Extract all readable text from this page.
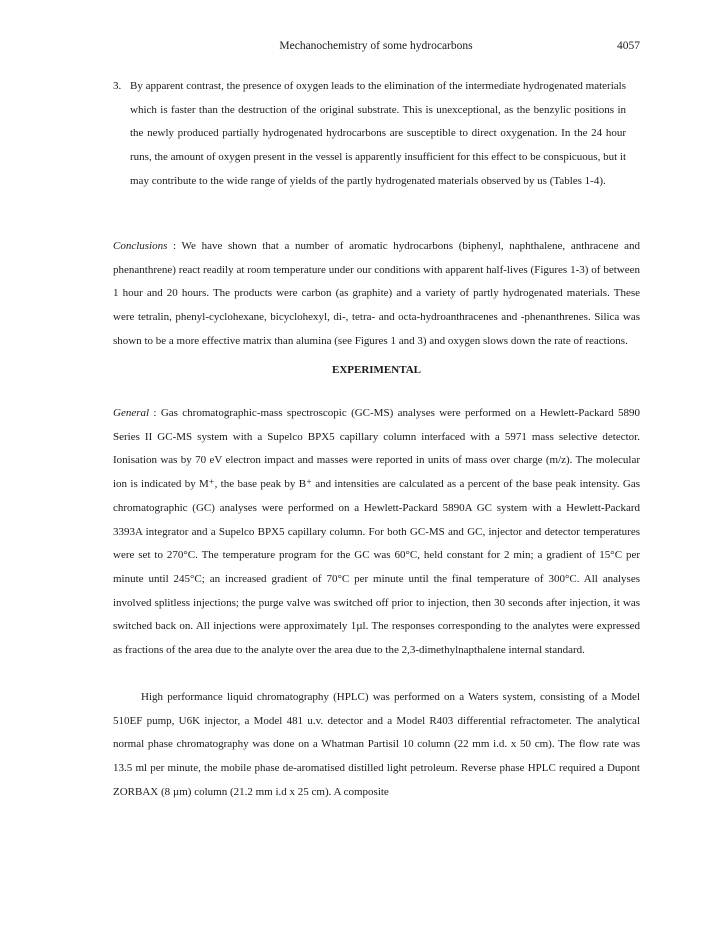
Mechanochemistry of some hydrocarbons	4057
3. By apparent contrast, the presence of oxygen leads to the elimination of the intermediate hydrogenated materials which is faster than the destruction of the original substrate. This is unexceptional, as the benzylic positions in the newly produced partially hydrogenated hydrocarbons are susceptible to direct oxygenation. In the 24 hour runs, the amount of oxygen present in the vessel is apparently insufficient for this effect to be conspicuous, but it may contribute to the wide range of yields of the partly hydrogenated materials observed by us (Tables 1-4).
Conclusions : We have shown that a number of aromatic hydrocarbons (biphenyl, naphthalene, anthracene and phenanthrene) react readily at room temperature under our conditions with apparent half-lives (Figures 1-3) of between 1 hour and 20 hours. The products were carbon (as graphite) and a variety of partly hydrogenated materials. These were tetralin, phenyl-cyclohexane, bicyclohexyl, di-, tetra- and octa-hydroanthracenes and -phenanthrenes. Silica was shown to be a more effective matrix than alumina (see Figures 1 and 3) and oxygen slows down the rate of reactions.
EXPERIMENTAL
General : Gas chromatographic-mass spectroscopic (GC-MS) analyses were performed on a Hewlett-Packard 5890 Series II GC-MS system with a Supelco BPX5 capillary column interfaced with a 5971 mass selective detector. Ionisation was by 70 eV electron impact and masses were reported in units of mass over charge (m/z). The molecular ion is indicated by M⁺, the base peak by B⁺ and intensities are calculated as a percent of the base peak intensity. Gas chromatographic (GC) analyses were performed on a Hewlett-Packard 5890A GC system with a Hewlett-Packard 3393A integrator and a Supelco BPX5 capillary column. For both GC-MS and GC, injector and detector temperatures were set to 270°C. The temperature program for the GC was 60°C, held constant for 2 min; a gradient of 15°C per minute until 245°C; an increased gradient of 70°C per minute until the final temperature of 300°C. All analyses involved splitless injections; the purge valve was switched off prior to injection, then 30 seconds after injection, it was switched back on. All injections were approximately 1µl. The responses corresponding to the analytes were expressed as fractions of the area due to the analyte over the area due to the 2,3-dimethylnapthalene internal standard.
High performance liquid chromatography (HPLC) was performed on a Waters system, consisting of a Model 510EF pump, U6K injector, a Model 481 u.v. detector and a Model R403 differential refractometer. The analytical normal phase chromatography was done on a Whatman Partisil 10 column (22 mm i.d. x 50 cm). The flow rate was 13.5 ml per minute, the mobile phase de-aromatised distilled light petroleum. Reverse phase HPLC required a Dupont ZORBAX (8 µm) column (21.2 mm i.d x 25 cm). A composite
